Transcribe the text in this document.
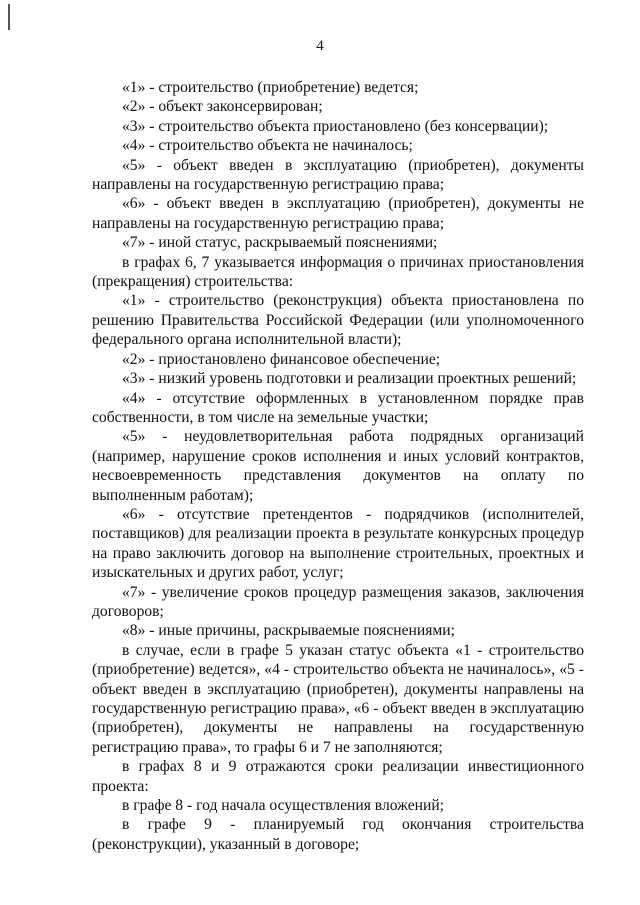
4

«1» - строительство (приобретение) ведется;

«2» - объект законсервирован;

«3» - строительство объекта приостановлено (без консервации);

«4» - строительство объекта не начиналось;

«5» - объект введен в эксплуатацию (приобретен), документы направлены на государственную регистрацию права;

«6» - объект введен в эксплуатацию (приобретен), документы не направлены на государственную регистрацию права;

«7» - иной статус, раскрываемый пояснениями;

в графах 6, 7 указывается информация о причинах приостановления (прекращения) строительства:

«1» - строительство (реконструкция) объекта приостановлена по решению Правительства Российской Федерации (или уполномоченного федерального органа исполнительной власти);

«2» - приостановлено финансовое обеспечение;

«3» - низкий уровень подготовки и реализации проектных решений;

«4» - отсутствие оформленных в установленном порядке прав собственности, в том числе на земельные участки;

«5» - неудовлетворительная работа подрядных организаций (например, нарушение сроков исполнения и иных условий контрактов, несвоевременность представления документов на оплату по выполненным работам);

«6» - отсутствие претендентов - подрядчиков (исполнителей, поставщиков) для реализации проекта в результате конкурсных процедур на право заключить договор на выполнение строительных, проектных и изыскательных и других работ, услуг;

«7» - увеличение сроков процедур размещения заказов, заключения договоров;

«8» - иные причины, раскрываемые пояснениями;

в случае, если в графе 5 указан статус объекта «1 - строительство (приобретение) ведется», «4 - строительство объекта не начиналось», «5 - объект введен в эксплуатацию (приобретен), документы направлены на государственную регистрацию права», «6 - объект введен в эксплуатацию (приобретен), документы не направлены на государственную регистрацию права», то графы 6 и 7 не заполняются;

в графах 8 и 9 отражаются сроки реализации инвестиционного проекта:

в графе 8 - год начала осуществления вложений;

в графе 9 - планируемый год окончания строительства (реконструкции), указанный в договоре;
